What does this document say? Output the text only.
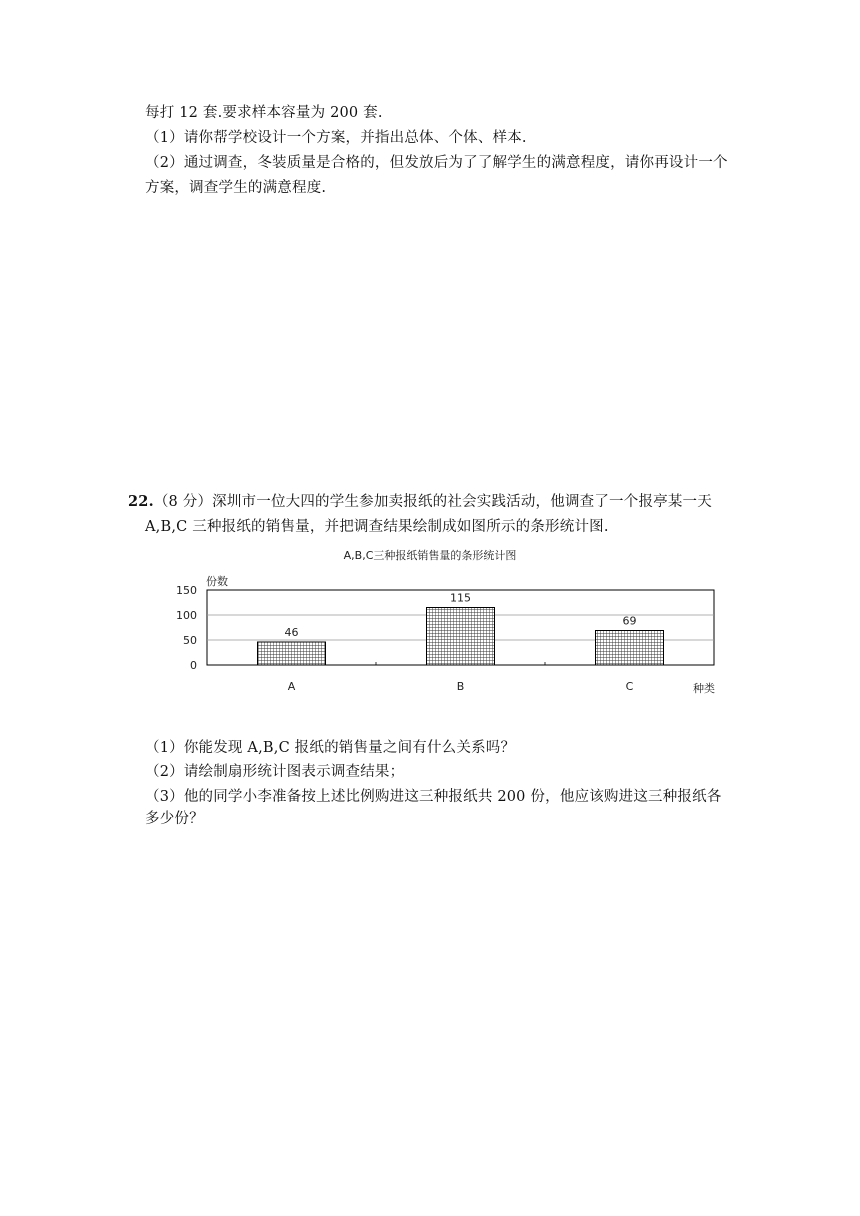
每打 12 套.要求样本容量为 200 套.
（1）请你帮学校设计一个方案，并指出总体、个体、样本.
（2）通过调查，冬装质量是合格的，但发放后为了了解学生的满意程度，请你再设计一个
方案，调查学生的满意程度.
22.（8 分）深圳市一位大四的学生参加卖报纸的社会实践活动，他调查了一个报亭某一天
A,B,C 三种报纸的销售量，并把调查结果绘制成如图所示的条形统计图.
A,B,C三种报纸销售量的条形统计图
份数
种类
0
50
100
150
46
115
69
A	B	C
（1）你能发现 A,B,C 报纸的销售量之间有什么关系吗？
（2）请绘制扇形统计图表示调查结果；
（3）他的同学小李准备按上述比例购进这三种报纸共 200 份，他应该购进这三种报纸各
多少份？
